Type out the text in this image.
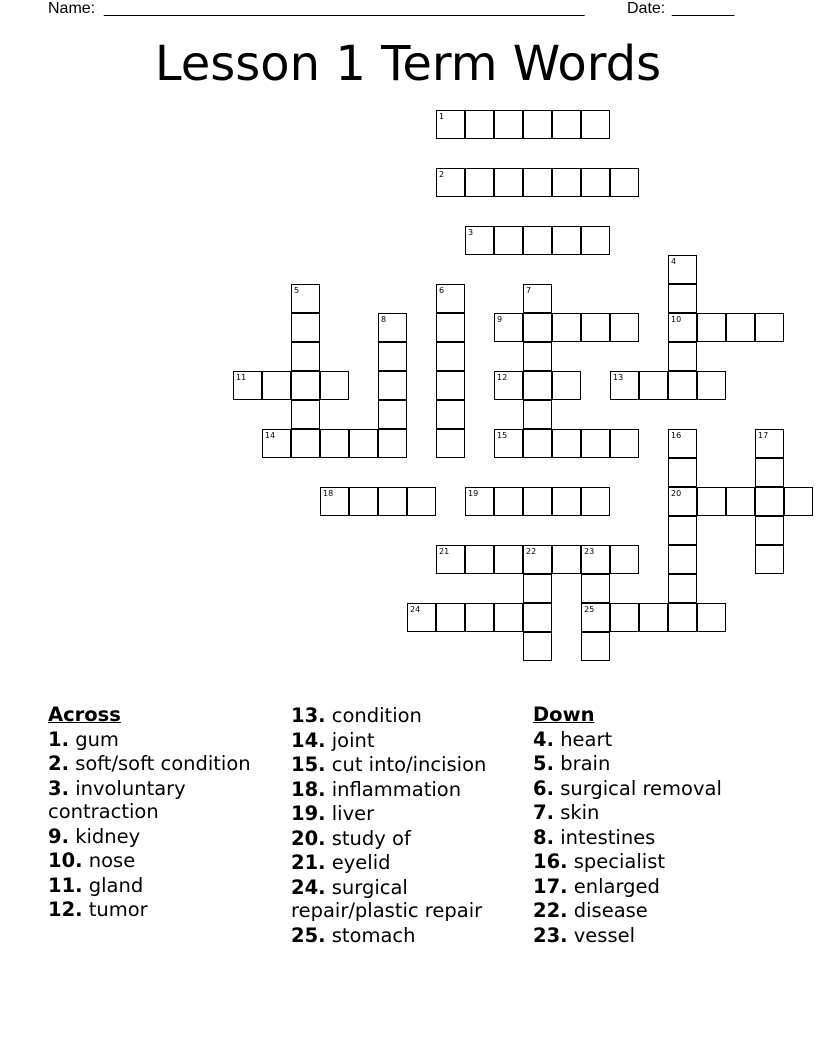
Name: ______________________________________________________	Date: _______
Lesson 1 Term Words
1
2
3
4
5	6	7
8	9	10
11	12	13
14	15	16	17
18	19	20
21	22	23
24	25
Across
1. gum
2. soft/soft condition
3. involuntary contraction
9. kidney
10. nose
11. gland
12. tumor
13. condition
14. joint
15. cut into/incision
18. inflammation
19. liver
20. study of
21. eyelid
24. surgical repair/plastic repair
25. stomach
Down
4. heart
5. brain
6. surgical removal
7. skin
8. intestines
16. specialist
17. enlarged
22. disease
23. vessel
